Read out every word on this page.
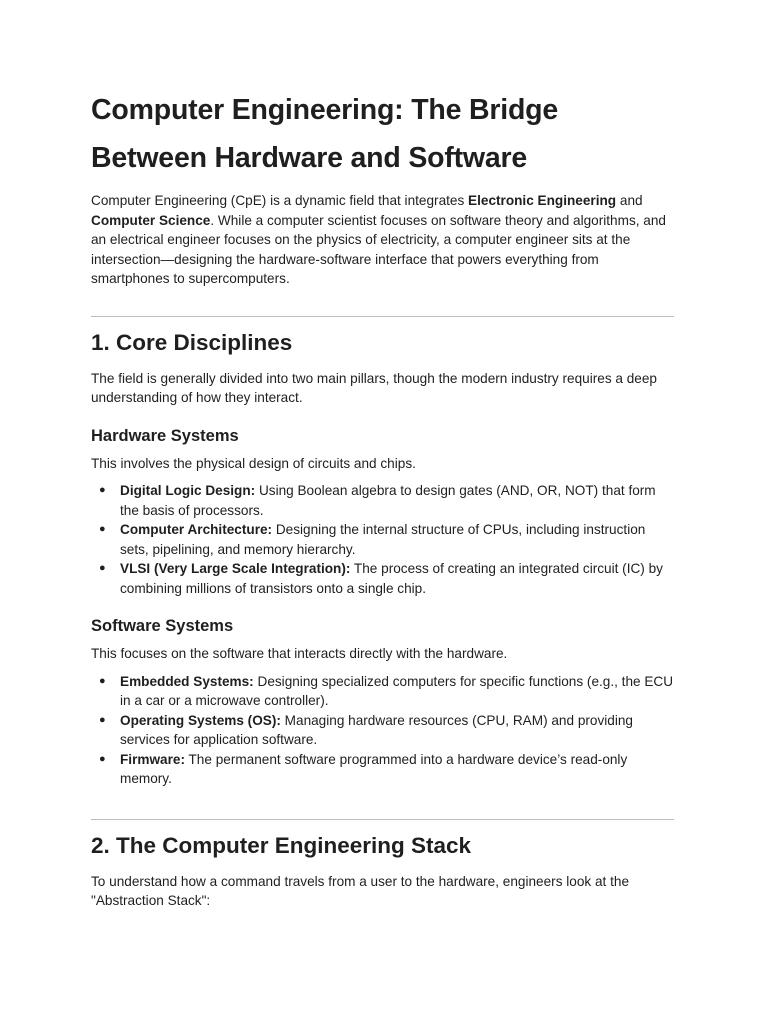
Computer Engineering: The Bridge Between Hardware and Software

Computer Engineering (CpE) is a dynamic field that integrates Electronic Engineering and Computer Science. While a computer scientist focuses on software theory and algorithms, and an electrical engineer focuses on the physics of electricity, a computer engineer sits at the intersection—designing the hardware-software interface that powers everything from smartphones to supercomputers.

1. Core Disciplines

The field is generally divided into two main pillars, though the modern industry requires a deep understanding of how they interact.

Hardware Systems

This involves the physical design of circuits and chips.

● Digital Logic Design: Using Boolean algebra to design gates (AND, OR, NOT) that form the basis of processors.
● Computer Architecture: Designing the internal structure of CPUs, including instruction sets, pipelining, and memory hierarchy.
● VLSI (Very Large Scale Integration): The process of creating an integrated circuit (IC) by combining millions of transistors onto a single chip.
Software Systems

This focuses on the software that interacts directly with the hardware.

● Embedded Systems: Designing specialized computers for specific functions (e.g., the ECU in a car or a microwave controller).
● Operating Systems (OS): Managing hardware resources (CPU, RAM) and providing services for application software.
● Firmware: The permanent software programmed into a hardware device’s read-only memory.
2. The Computer Engineering Stack

To understand how a command travels from a user to the hardware, engineers look at the "Abstraction Stack":
